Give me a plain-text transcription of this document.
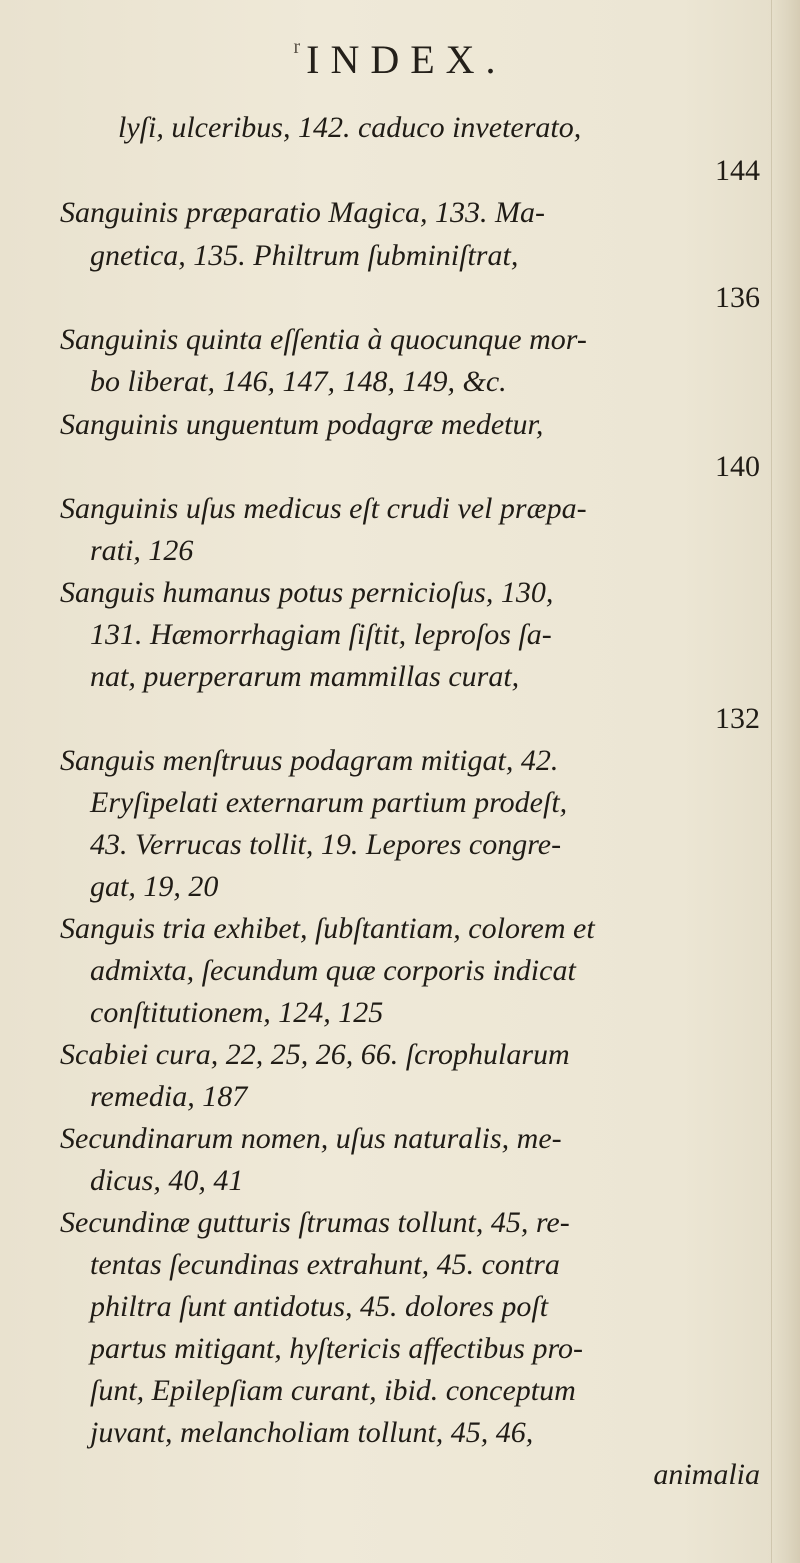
$^r$ INDEX.
lyſi, ulceribus, 142. caduco inveterato,
144
Sanguinis præparatio Magica, 133. Ma-
gnetica, 135. Philtrum ſubminiſtrat,
136
Sanguinis quinta eſſentia à quocunque mor-
bo liberat, 146, 147, 148, 149, &c.
Sanguinis unguentum podagræ medetur,
140
Sanguinis uſus medicus eſt crudi vel præpa-
rati, 126
Sanguis humanus potus pernicioſus, 130,
131. Hæmorrhagiam ſiſtit, leproſos ſa-
nat, puerperarum mammillas curat,
132
Sanguis menſtruus podagram mitigat, 42.
Eryſipelati externarum partium prodeſt,
43. Verrucas tollit, 19. Lepores congre-
gat, 19, 20
Sanguis tria exhibet, ſubſtantiam, colorem et
admixta, ſecundum quæ corporis indicat
conſtitutionem, 124, 125
Scabiei cura, 22, 25, 26, 66. ſcrophularum
remedia, 187
Secundinarum nomen, uſus naturalis, me-
dicus, 40, 41
Secundinæ gutturis ſtrumas tollunt, 45, re-
tentas ſecundinas extrahunt, 45. contra
philtra ſunt antidotus, 45. dolores poſt
partus mitigant, hyſtericis affectibus pro-
ſunt, Epilepſiam curant, ibid. conceptum
juvant, melancholiam tollunt, 45, 46,
animalia
